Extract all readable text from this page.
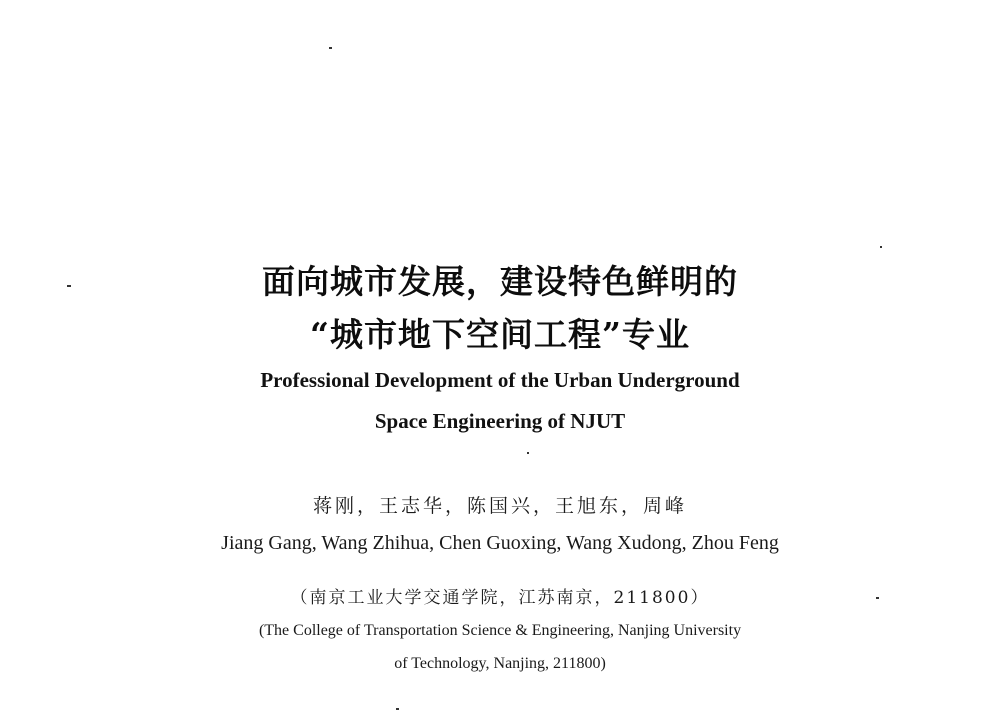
面向城市发展，建设特色鲜明的
“城市地下空间工程”专业
Professional Development of the Urban Underground
Space Engineering of NJUT
蒋刚，王志华，陈国兴，王旭东，周峰
Jiang Gang, Wang Zhihua, Chen Guoxing, Wang Xudong, Zhou Feng
（南京工业大学交通学院，江苏南京，211800）
(The College of Transportation Science & Engineering, Nanjing University
of Technology, Nanjing, 211800)
